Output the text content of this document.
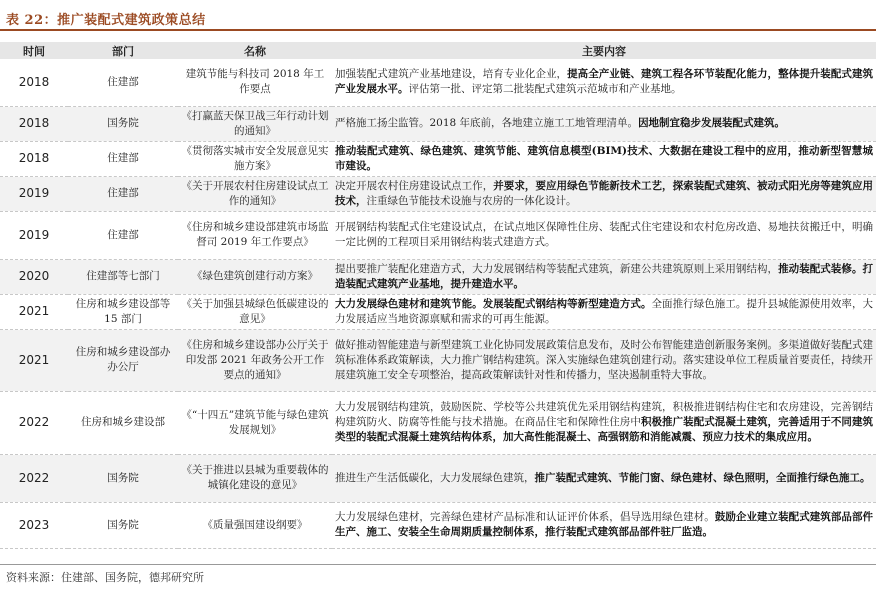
表 22：推广装配式建筑政策总结
时间	部门	名称	主要内容
2018	住建部	建筑节能与科技司 2018 年工作要点	加强装配式建筑产业基地建设，培育专业化企业，提高全产业链、建筑工程各环节装配化能力，整体提升装配式建筑产业发展水平。评估第一批、评定第二批装配式建筑示范城市和产业基地。
2018	国务院	《打赢蓝天保卫战三年行动计划的通知》	严格施工扬尘监管。2018 年底前，各地建立施工工地管理清单。因地制宜稳步发展装配式建筑。
2018	住建部	《贯彻落实城市安全发展意见实施方案》	推动装配式建筑、绿色建筑、建筑节能、建筑信息模型(BIM)技术、大数据在建设工程中的应用，推动新型智慧城市建设。
2019	住建部	《关于开展农村住房建设试点工作的通知》	决定开展农村住房建设试点工作，并要求，要应用绿色节能新技术工艺，探索装配式建筑、被动式阳光房等建筑应用技术，注重绿色节能技术设施与农房的一体化设计。
2019	住建部	《住房和城乡建设部建筑市场监督司 2019 年工作要点》	开展钢结构装配式住宅建设试点，在试点地区保障性住房、装配式住宅建设和农村危房改造、易地扶贫搬迁中，明确一定比例的工程项目采用钢结构装式建造方式。
2020	住建部等七部门	《绿色建筑创建行动方案》	提出要推广装配化建造方式，大力发展钢结构等装配式建筑，新建公共建筑原则上采用钢结构，推动装配式装修。打造装配式建筑产业基地，提升建造水平。
2021	住房和城乡建设部等 15 部门	《关于加强县城绿色低碳建设的意见》	大力发展绿色建材和建筑节能。发展装配式钢结构等新型建造方式。全面推行绿色施工。提升县城能源使用效率，大力发展适应当地资源禀赋和需求的可再生能源。
2021	住房和城乡建设部办办公厅	《住房和城乡建设部办公厅关于印发部 2021 年政务公开工作要点的通知》	做好推动智能建造与新型建筑工业化协同发展政策信息发布，及时公布智能建造创新服务案例。多渠道做好装配式建筑标准体系政策解读，大力推广钢结构建筑。深入实施绿色建筑创建行动。落实建设单位工程质量首要责任，持续开展建筑施工安全专项整治，提高政策解读针对性和传播力，坚决遏制重特大事故。
2022	住房和城乡建设部	《“十四五”建筑节能与绿色建筑发展规划》	大力发展钢结构建筑，鼓励医院、学校等公共建筑优先采用钢结构建筑，积极推进钢结构住宅和农房建设，完善钢结构建筑防火、防腐等性能与技术措施。在商品住宅和保障性住房中积极推广装配式混凝土建筑，完善适用于不同建筑类型的装配式混凝土建筑结构体系，加大高性能混凝土、高强钢筋和消能减震、预应力技术的集成应用。
2022	国务院	《关于推进以县城为重要载体的城镇化建设的意见》	推进生产生活低碳化，大力发展绿色建筑，推广装配式建筑、节能门窗、绿色建材、绿色照明，全面推行绿色施工。
2023	国务院	《质量强国建设纲要》	大力发展绿色建材，完善绿色建材产品标准和认证评价体系，倡导选用绿色建材。鼓励企业建立装配式建筑部品部件生产、施工、安装全生命周期质量控制体系，推行装配式建筑部品部件驻厂监造。
资料来源：住建部、国务院，德邦研究所
